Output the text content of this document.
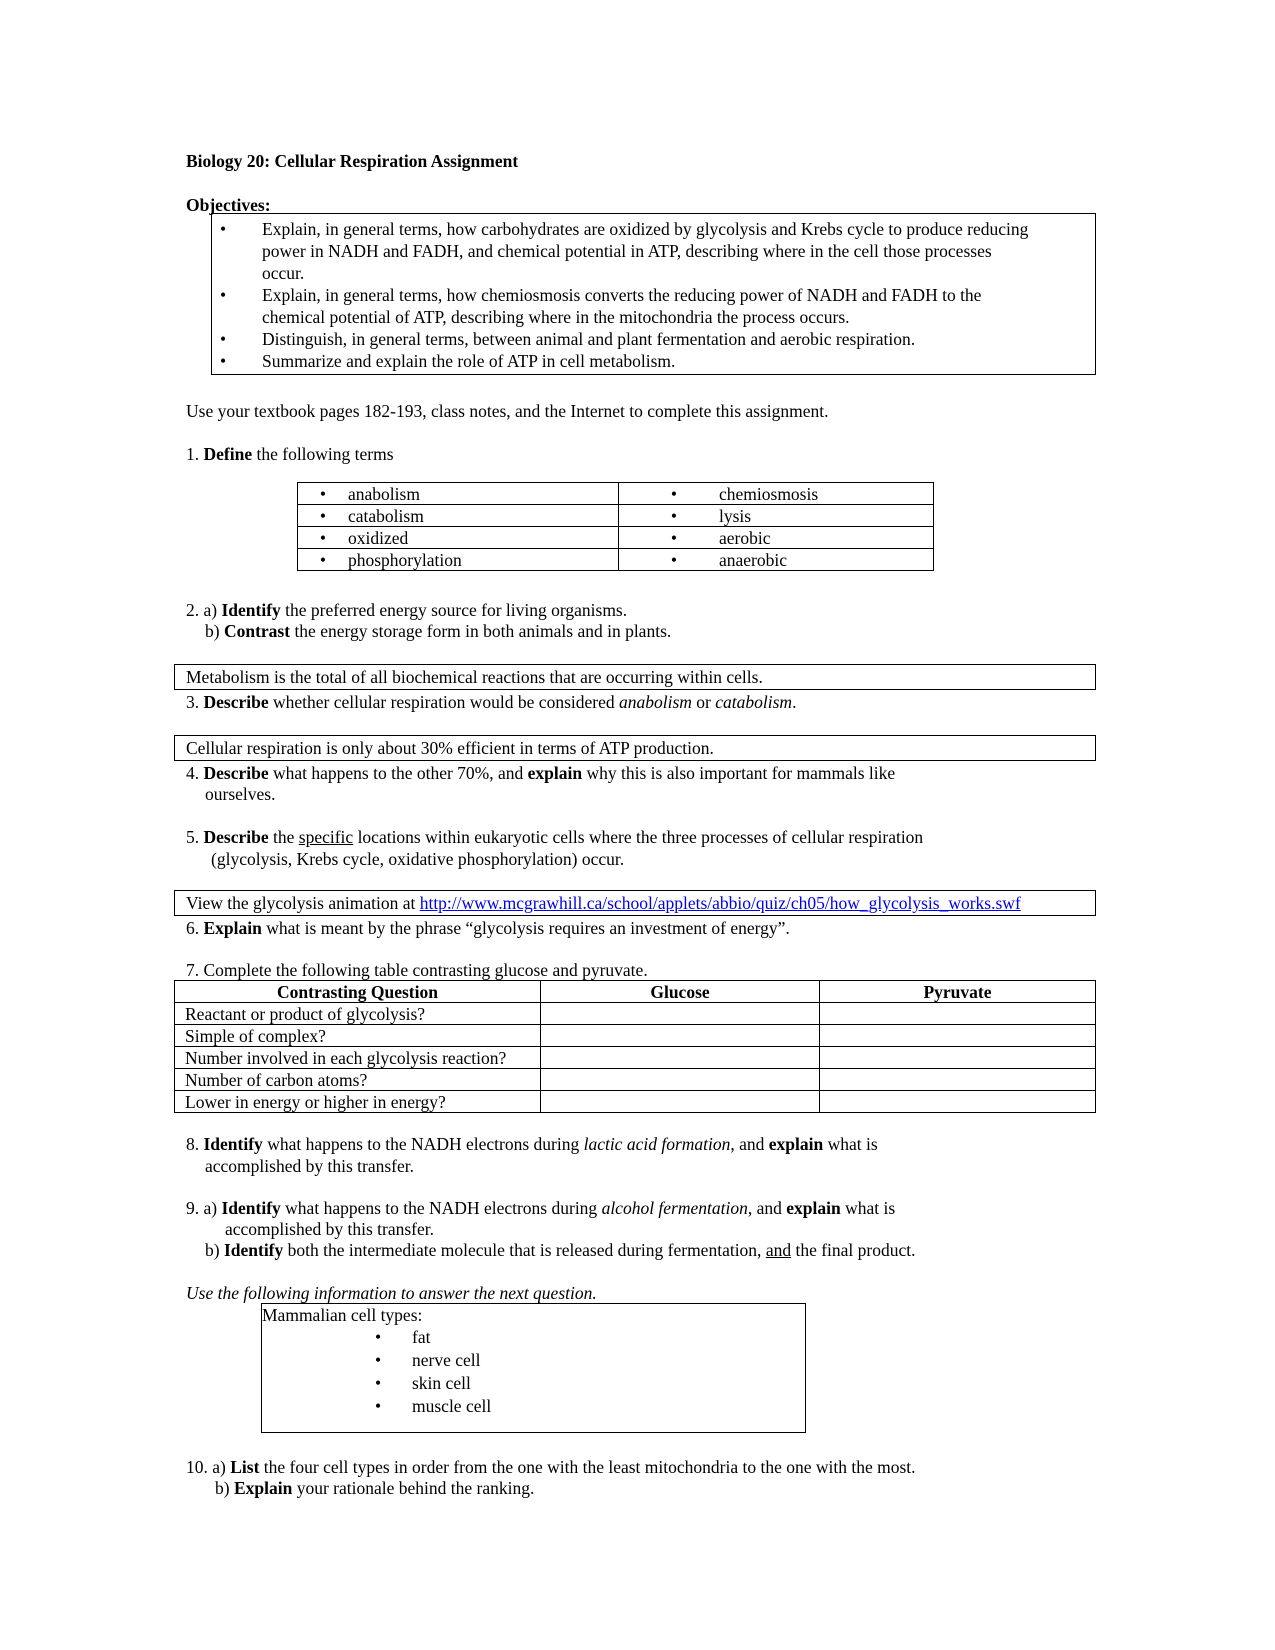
Biology 20: Cellular Respiration Assignment
Objectives:
• Explain, in general terms, how carbohydrates are oxidized by glycolysis and Krebs cycle to produce reducing
power in NADH and FADH, and chemical potential in ATP, describing where in the cell those processes
occur.
• Explain, in general terms, how chemiosmosis converts the reducing power of NADH and FADH to the
chemical potential of ATP, describing where in the mitochondria the process occurs.
• Distinguish, in general terms, between animal and plant fermentation and aerobic respiration.
• Summarize and explain the role of ATP in cell metabolism.
Use your textbook pages 182-193, class notes, and the Internet to complete this assignment.
1. Define the following terms
• anabolism	• chemiosmosis
• catabolism	• lysis
• oxidized	• aerobic
• phosphorylation	• anaerobic
2. a) Identify the preferred energy source for living organisms.
b) Contrast the energy storage form in both animals and in plants.
Metabolism is the total of all biochemical reactions that are occurring within cells.
3. Describe whether cellular respiration would be considered anabolism or catabolism.
Cellular respiration is only about 30% efficient in terms of ATP production.
4. Describe what happens to the other 70%, and explain why this is also important for mammals like
ourselves.
5. Describe the specific locations within eukaryotic cells where the three processes of cellular respiration
(glycolysis, Krebs cycle, oxidative phosphorylation) occur.
View the glycolysis animation at http://www.mcgrawhill.ca/school/applets/abbio/quiz/ch05/how_glycolysis_works.swf
6. Explain what is meant by the phrase “glycolysis requires an investment of energy”.
7. Complete the following table contrasting glucose and pyruvate.
Contrasting Question	Glucose	Pyruvate
Reactant or product of glycolysis?		
Simple of complex?		
Number involved in each glycolysis reaction?		
Number of carbon atoms?		
Lower in energy or higher in energy?		
8. Identify what happens to the NADH electrons during lactic acid formation, and explain what is
accomplished by this transfer.
9. a) Identify what happens to the NADH electrons during alcohol fermentation, and explain what is
accomplished by this transfer.
b) Identify both the intermediate molecule that is released during fermentation, and the final product.
Use the following information to answer the next question.
Mammalian cell types:
• fat
• nerve cell
• skin cell
• muscle cell
10. a) List the four cell types in order from the one with the least mitochondria to the one with the most.
b) Explain your rationale behind the ranking.
